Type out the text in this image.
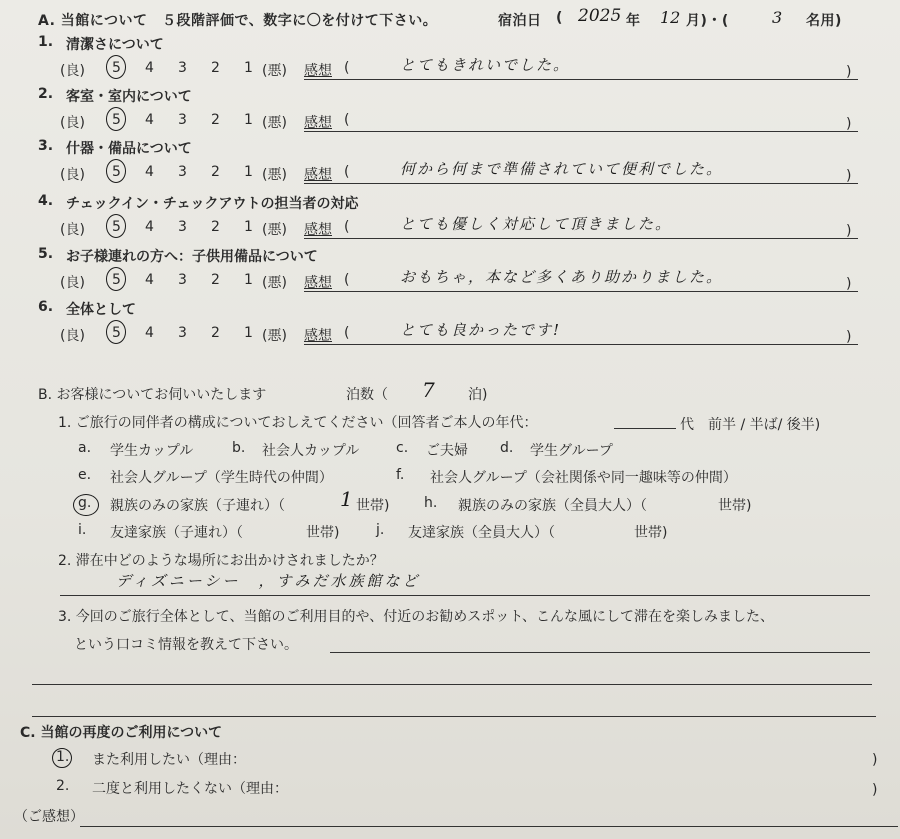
A. 当館について　５段階評価で、数字に〇を付けて下さい。	宿泊日 ( 2025 年 12 月)・(	3 名用)
1. 清潔さについて
(良) 5 4 3 2 1 (悪) 感想 (	とてもきれいでした。	)
2. 客室・室内について
(良) 5 4 3 2 1 (悪) 感想 (	)
3. 什器・備品について
(良) 5 4 3 2 1 (悪) 感想 (	何から何まで準備されていて便利でした。	)
4. チェックイン・チェックアウトの担当者の対応
(良) 5 4 3 2 1 (悪) 感想 (	とても優しく対応して頂きました。	)
5. お子様連れの方へ：子供用備品について
(良) 5 4 3 2 1 (悪) 感想 (	おもちゃ，本など多くあり助かりました。	)
6. 全体として
(良) 5 4 3 2 1 (悪) 感想 (	とても良かったです!	)
B. お客様についてお伺いいたします	泊数（ 7 泊)
1. ご旅行の同伴者の構成についておしえてください（回答者ご本人の年代：	代　前半 / 半ば/ 後半)
a. 学生カップル	b. 社会人カップル	c. ご夫婦 d. 学生グループ
e. 社会人グループ（学生時代の仲間）	f. 社会人グループ（会社関係や同一趣味等の仲間）
g. 親族のみの家族（子連れ）（	1 世帯) h. 親族のみの家族（全員大人）（	世帯)
i. 友達家族（子連れ）（	世帯)	j. 友達家族（全員大人）（	世帯)
2. 滞在中どのような場所にお出かけされましたか？
ディズニーシー　，すみだ水族館など
3. 今回のご旅行全体として、当館のご利用目的や、付近のお勧めスポット、こんな風にして滞在を楽しみました、
という口コミ情報を教えて下さい。
C. 当館の再度のご利用について
1. また利用したい（理由：	)
2. 二度と利用したくない（理由：	)
（ご感想）
